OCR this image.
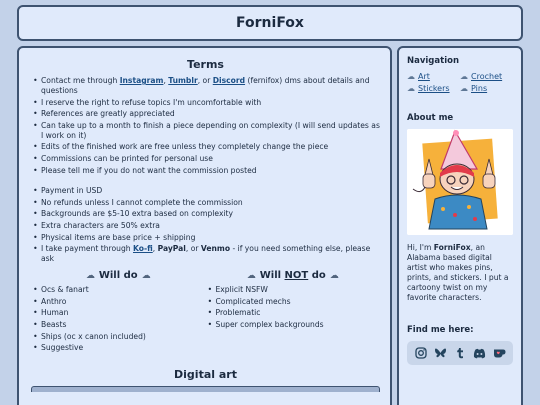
ForniFox
Terms
• Contact me through Instagram, Tumblr, or Discord (fernifox) dms about details and questions
• I reserve the right to refuse topics I'm uncomfortable with
• References are greatly appreciated
• Can take up to a month to finish a piece depending on complexity (I will send updates as I work on it)
• Edits of the finished work are free unless they completely change the piece
• Commissions can be printed for personal use
• Please tell me if you do not want the commission posted
• Payment in USD
• No refunds unless I cannot complete the commission
• Backgrounds are $5-10 extra based on complexity
• Extra characters are 50% extra
• Physical items are base price + shipping
• I take payment through Ko-fi, PayPal, or Venmo - if you need something else, please ask
☁ Will do ☁
• Ocs & fanart
• Anthro
• Human
• Beasts
• Ships (oc x canon included)
• Suggestive
☁ Will NOT do ☁
• Explicit NSFW
• Complicated mechs
• Problematic
• Super complex backgrounds
Digital art
Navigation
☁ Art	☁ Crochet
☁ Stickers ☁ Pins
About me
Hi, I'm ForniFox, an Alabama based digital artist who makes pins, prints, and stickers. I put a cartoony twist on my favorite characters.
Find me here:
